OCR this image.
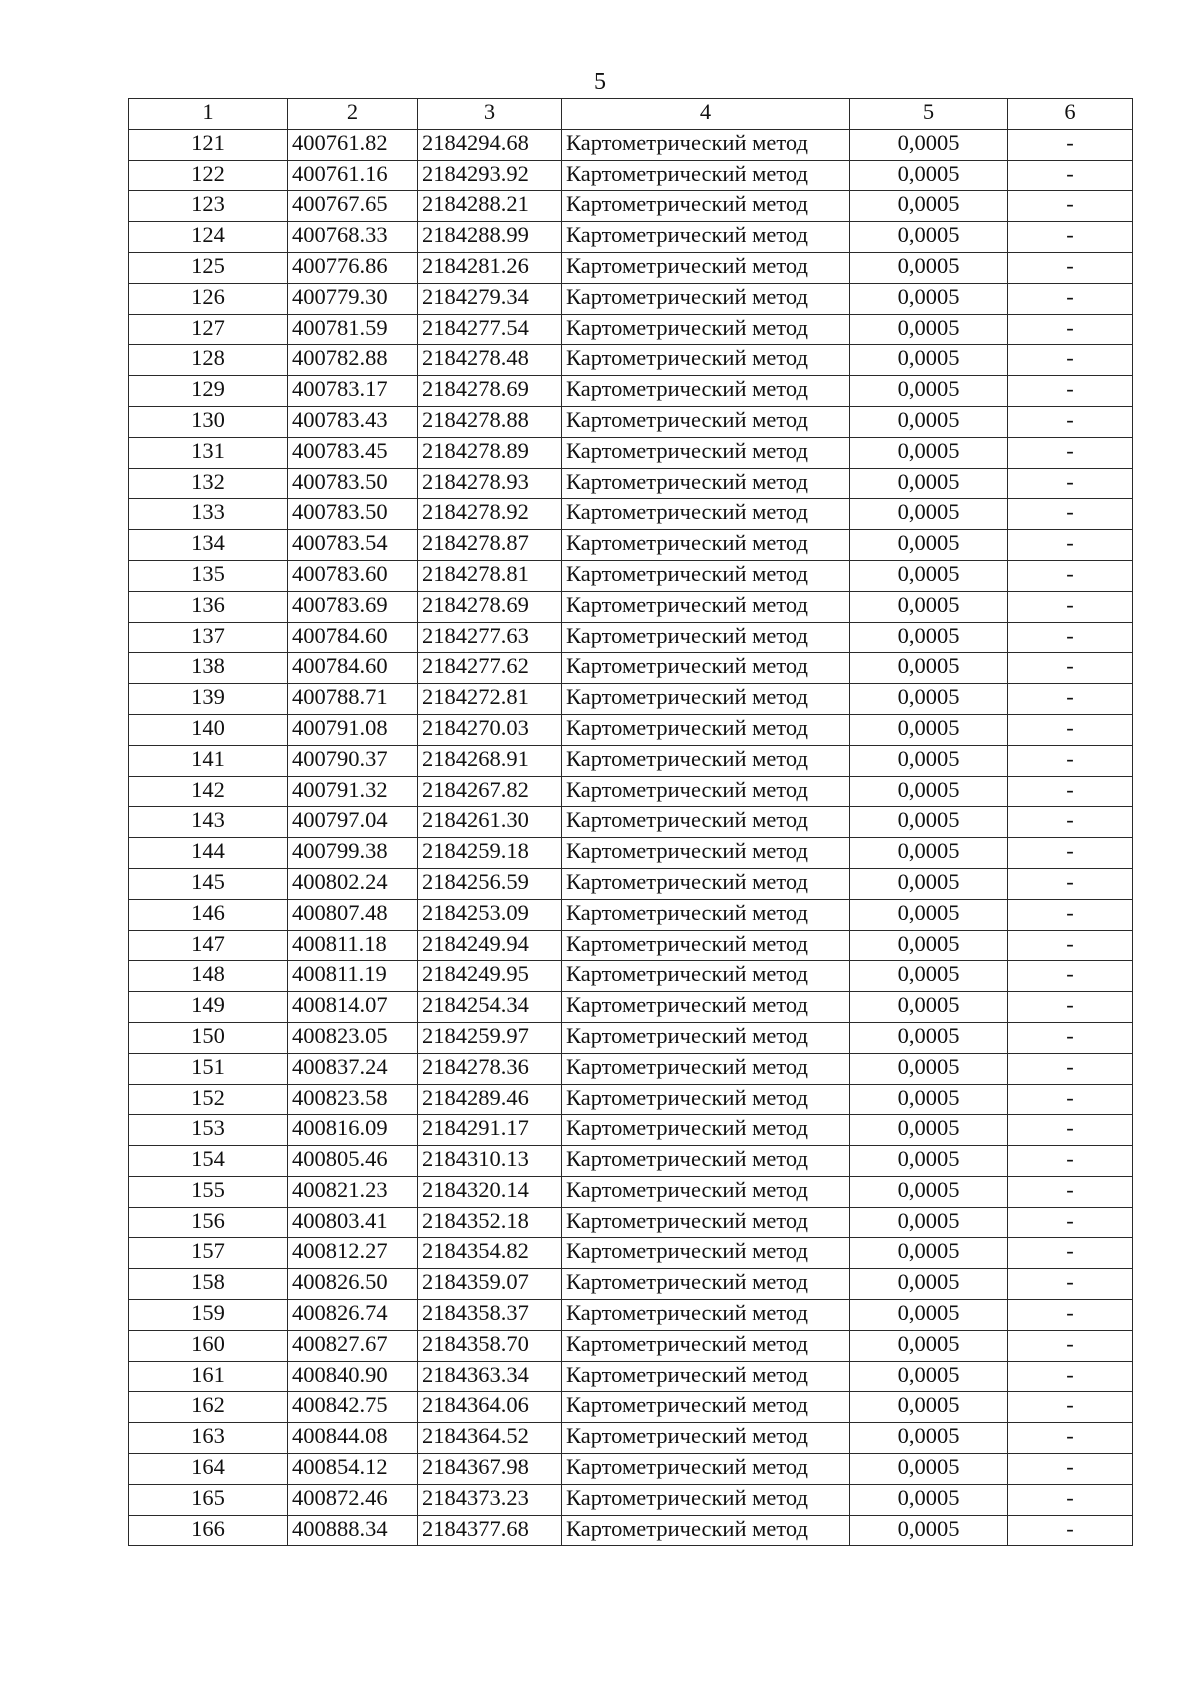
5
1	2	3	4	5	6
121	400761.82	2184294.68	Картометрический метод	0,0005	-
122	400761.16	2184293.92	Картометрический метод	0,0005	-
123	400767.65	2184288.21	Картометрический метод	0,0005	-
124	400768.33	2184288.99	Картометрический метод	0,0005	-
125	400776.86	2184281.26	Картометрический метод	0,0005	-
126	400779.30	2184279.34	Картометрический метод	0,0005	-
127	400781.59	2184277.54	Картометрический метод	0,0005	-
128	400782.88	2184278.48	Картометрический метод	0,0005	-
129	400783.17	2184278.69	Картометрический метод	0,0005	-
130	400783.43	2184278.88	Картометрический метод	0,0005	-
131	400783.45	2184278.89	Картометрический метод	0,0005	-
132	400783.50	2184278.93	Картометрический метод	0,0005	-
133	400783.50	2184278.92	Картометрический метод	0,0005	-
134	400783.54	2184278.87	Картометрический метод	0,0005	-
135	400783.60	2184278.81	Картометрический метод	0,0005	-
136	400783.69	2184278.69	Картометрический метод	0,0005	-
137	400784.60	2184277.63	Картометрический метод	0,0005	-
138	400784.60	2184277.62	Картометрический метод	0,0005	-
139	400788.71	2184272.81	Картометрический метод	0,0005	-
140	400791.08	2184270.03	Картометрический метод	0,0005	-
141	400790.37	2184268.91	Картометрический метод	0,0005	-
142	400791.32	2184267.82	Картометрический метод	0,0005	-
143	400797.04	2184261.30	Картометрический метод	0,0005	-
144	400799.38	2184259.18	Картометрический метод	0,0005	-
145	400802.24	2184256.59	Картометрический метод	0,0005	-
146	400807.48	2184253.09	Картометрический метод	0,0005	-
147	400811.18	2184249.94	Картометрический метод	0,0005	-
148	400811.19	2184249.95	Картометрический метод	0,0005	-
149	400814.07	2184254.34	Картометрический метод	0,0005	-
150	400823.05	2184259.97	Картометрический метод	0,0005	-
151	400837.24	2184278.36	Картометрический метод	0,0005	-
152	400823.58	2184289.46	Картометрический метод	0,0005	-
153	400816.09	2184291.17	Картометрический метод	0,0005	-
154	400805.46	2184310.13	Картометрический метод	0,0005	-
155	400821.23	2184320.14	Картометрический метод	0,0005	-
156	400803.41	2184352.18	Картометрический метод	0,0005	-
157	400812.27	2184354.82	Картометрический метод	0,0005	-
158	400826.50	2184359.07	Картометрический метод	0,0005	-
159	400826.74	2184358.37	Картометрический метод	0,0005	-
160	400827.67	2184358.70	Картометрический метод	0,0005	-
161	400840.90	2184363.34	Картометрический метод	0,0005	-
162	400842.75	2184364.06	Картометрический метод	0,0005	-
163	400844.08	2184364.52	Картометрический метод	0,0005	-
164	400854.12	2184367.98	Картометрический метод	0,0005	-
165	400872.46	2184373.23	Картометрический метод	0,0005	-
166	400888.34	2184377.68	Картометрический метод	0,0005	-
